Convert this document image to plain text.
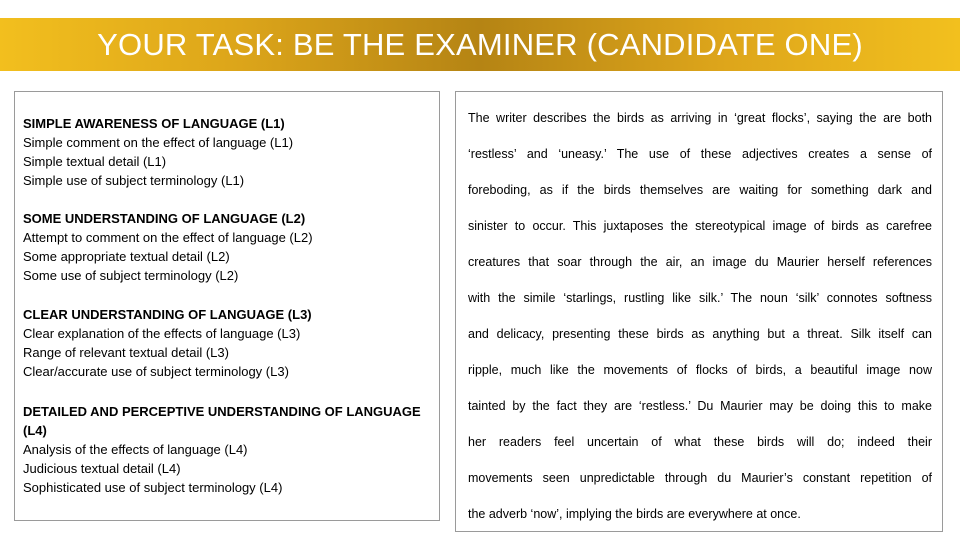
YOUR TASK: BE THE EXAMINER (CANDIDATE ONE)
SIMPLE AWARENESS OF LANGUAGE (L1)
Simple comment on the effect of language (L1)
Simple textual detail (L1)
Simple use of subject terminology (L1)
SOME UNDERSTANDING OF LANGUAGE (L2)
Attempt to comment on the effect of language (L2)
Some appropriate textual detail (L2)
Some use of subject terminology (L2)
CLEAR UNDERSTANDING OF LANGUAGE (L3)
Clear explanation of the effects of language (L3)
Range of relevant textual detail (L3)
Clear/accurate use of subject terminology (L3)
DETAILED AND PERCEPTIVE UNDERSTANDING OF LANGUAGE
(L4)
Analysis of the effects of language (L4)
Judicious textual detail (L4)
Sophisticated use of subject terminology (L4)
The writer describes the birds as arriving in ‘great flocks’, saying the are both
‘restless’ and ‘uneasy.’ The use of these adjectives creates a sense of
foreboding, as if the birds themselves are waiting for something dark and
sinister to occur. This juxtaposes the stereotypical image of birds as carefree
creatures that soar through the air, an image du Maurier herself references
with the simile ‘starlings, rustling like silk.’ The noun ‘silk’ connotes softness
and delicacy, presenting these birds as anything but a threat. Silk itself can
ripple, much like the movements of flocks of birds, a beautiful image now
tainted by the fact they are ‘restless.’ Du Maurier may be doing this to make
her readers feel uncertain of what these birds will do; indeed their
movements seen unpredictable through du Maurier’s constant repetition of
the adverb ‘now’, implying the birds are everywhere at once.
